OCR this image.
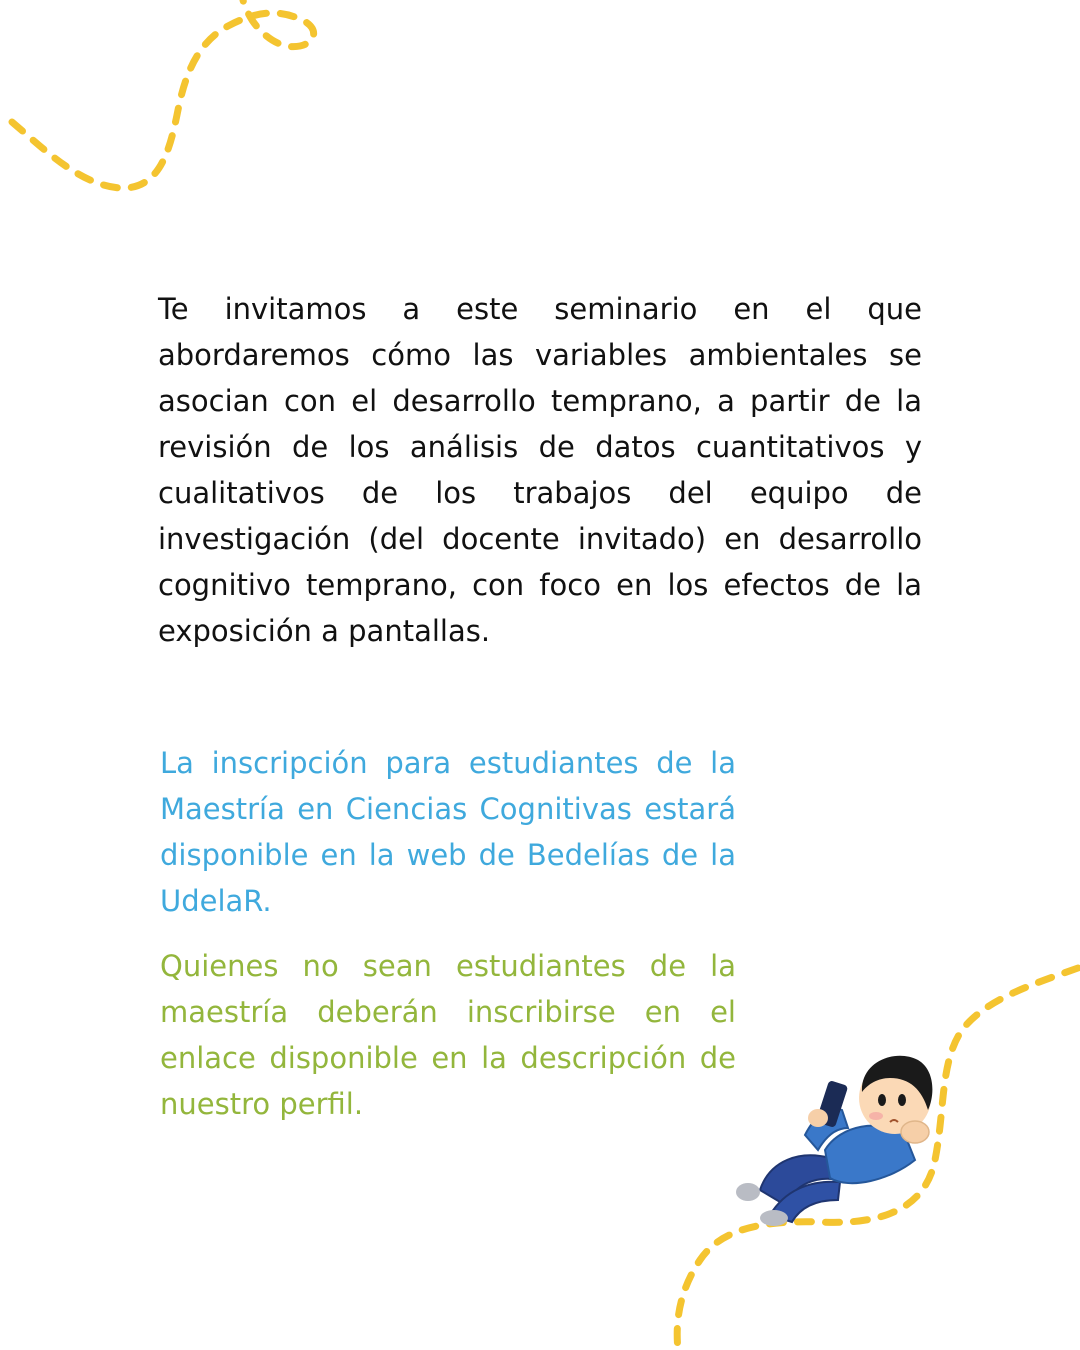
Te invitamos a este seminario en el que abordaremos cómo las variables ambientales se asocian con el desarrollo temprano, a partir de la revisión de los análisis de datos cuantitativos y cualitativos de los trabajos del equipo de investigación (del docente invitado) en desarrollo cognitivo temprano, con foco en los efectos de la exposición a pantallas.

La inscripción para estudiantes de la Maestría en Ciencias Cognitivas estará disponible en la web de Bedelías de la UdelaR.

Quienes no sean estudiantes de la maestría deberán inscribirse en el enlace disponible en la descripción de nuestro perfil.
